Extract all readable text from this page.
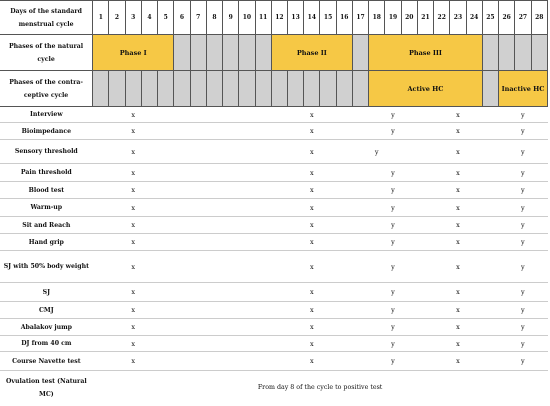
Days of the standard menstrual cycle	1	2	3	4	5	6	7	8	9	10	11	12	13	14	15	16	17	18	19	20	21	22	23	24	25	26	27	28
Phases of the natural cycle	Phase I											Phase II						Phase III										
Phases of the contra-ceptive cycle																		Active HC								Inactive HC		
Interview			x											x					y				x				y	
Bioimpedance			x											x					y				x				y	
Sensory threshold			x											x				y					x				y	
Pain threshold			x											x					y				x				y	
Blood test			x											x					y				x				y	
Warm-up			x											x					y				x				y	
Sit and Reach			x											x					y				x				y	
Hand grip			x											x					y				x				y	
SJ with 50% body weight			x											x					y				x				y	
SJ			x											x					y				x				y	
CMJ			x											x					y				x				y	
Abalakov jump			x											x					y				x				y	
DJ from 40 cm			x											x					y				x				y	
Course Navette test			x											x					y				x				y	
Ovulation test (Natural MC)	From day 8 of the cycle to positive test																											
